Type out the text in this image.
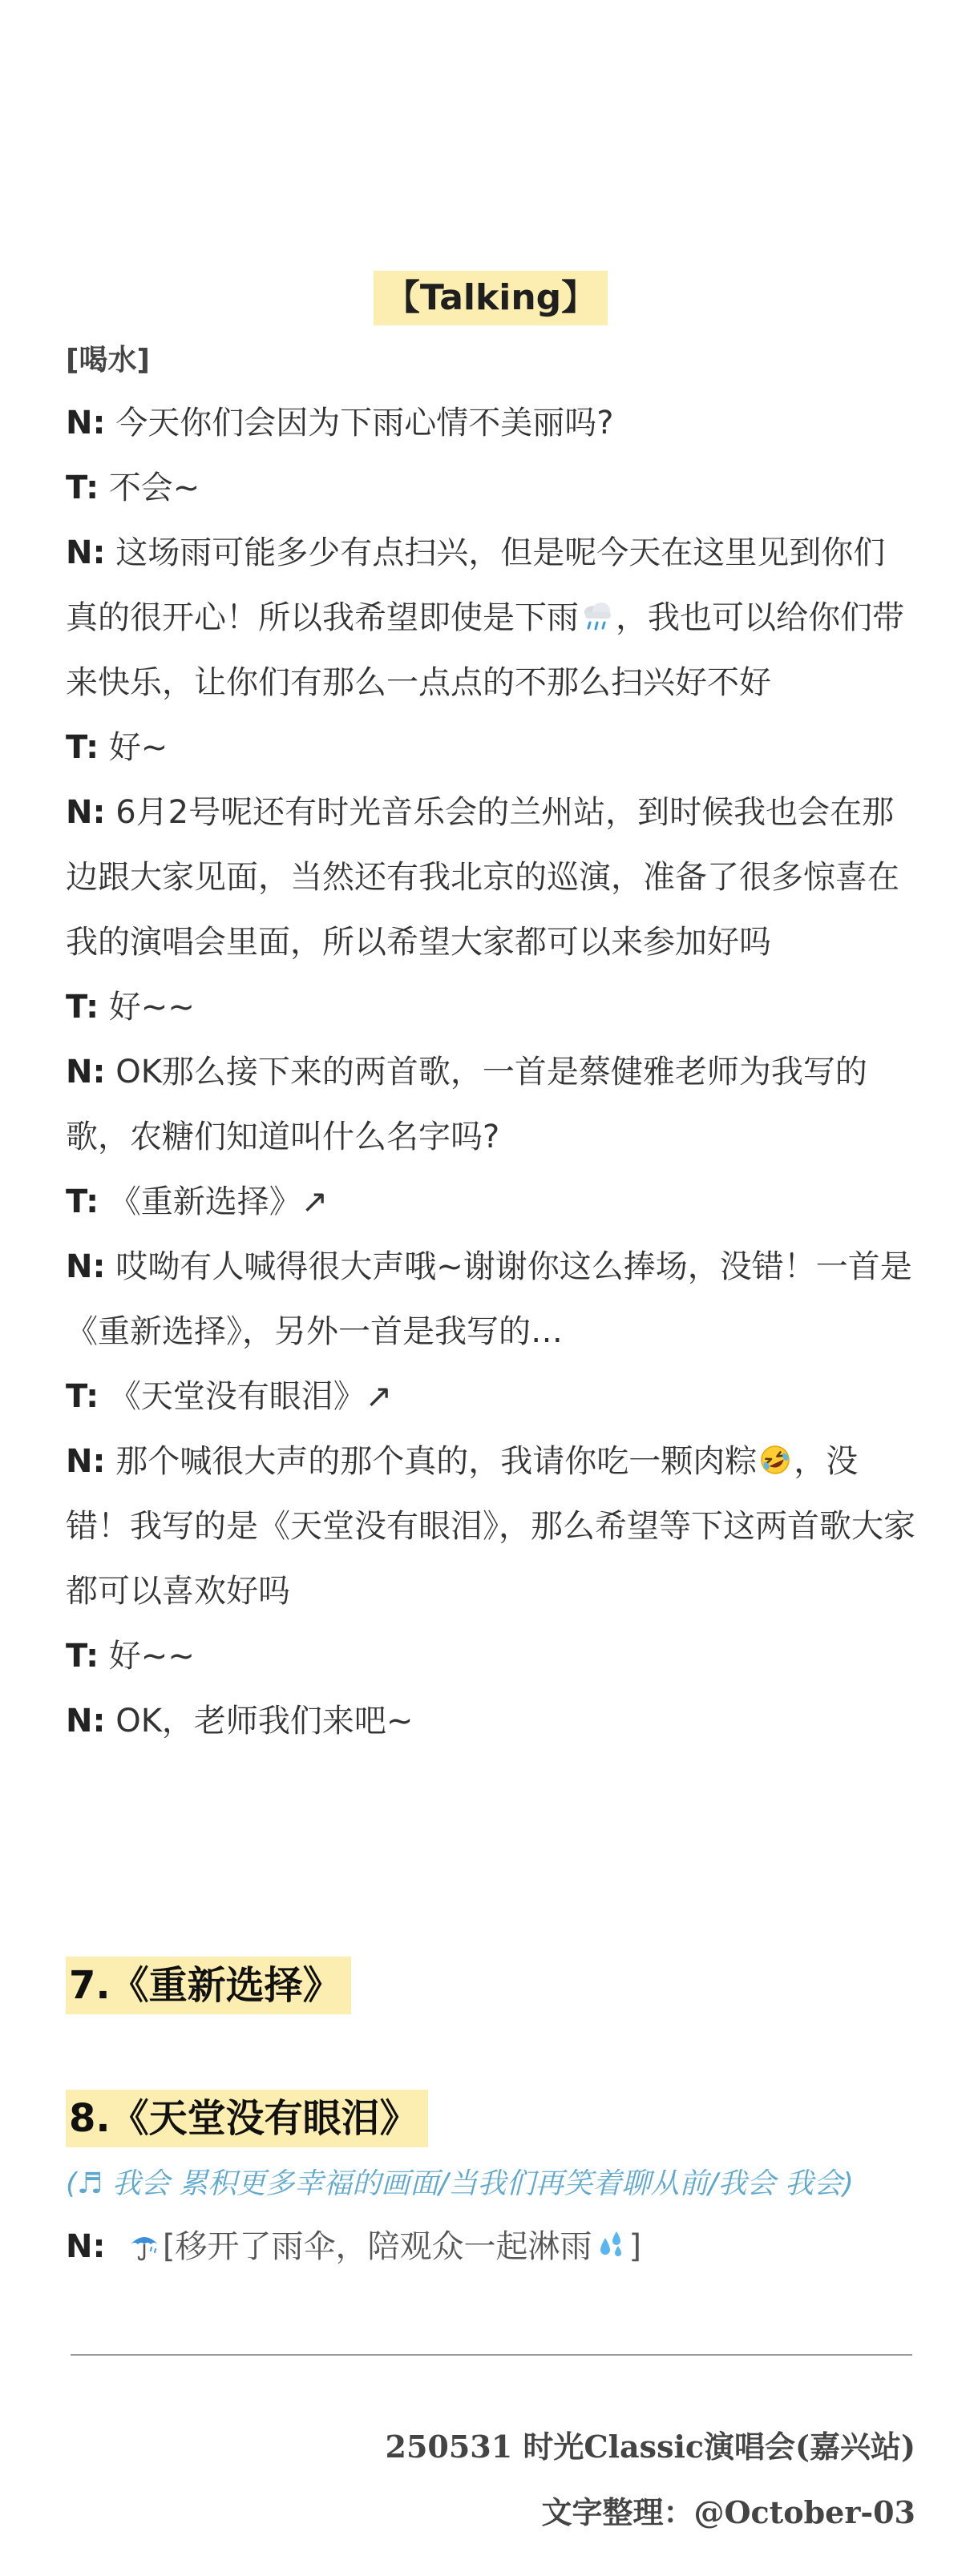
【Talking】
[喝水]

N: 今天你们会因为下雨心情不美丽吗?

T: 不会~

N: 这场雨可能多少有点扫兴，但是呢今天在这里见到你们真的很开心！所以我希望即使是下雨 ，我也可以给你们带来快乐，让你们有那么一点点的不那么扫兴好不好

T: 好~

N: 6月2号呢还有时光音乐会的兰州站，到时候我也会在那边跟大家见面，当然还有我北京的巡演，准备了很多惊喜在我的演唱会里面，所以希望大家都可以来参加好吗

T: 好~~

N: OK那么接下来的两首歌，一首是蔡健雅老师为我写的歌，农糖们知道叫什么名字吗?

T: 《重新选择》↗

N: 哎呦有人喊得很大声哦~谢谢你这么捧场，没错！一首是《重新选择》，另外一首是我写的…

T: 《天堂没有眼泪》↗

N: 那个喊很大声的那个真的，我请你吃一颗肉粽 ，没错！我写的是《天堂没有眼泪》，那么希望等下这两首歌大家都可以喜欢好吗

T: 好~~

N: OK，老师我们来吧~

7.《重新选择》
8.《天堂没有眼泪》
(♬ 我会 累积更多幸福的画面/当我们再笑着聊从前/我会 我会)
N: [移开了雨伞，陪观众一起淋雨 ]
250531 时光Classic演唱会(嘉兴站)
文字整理：@October-03
